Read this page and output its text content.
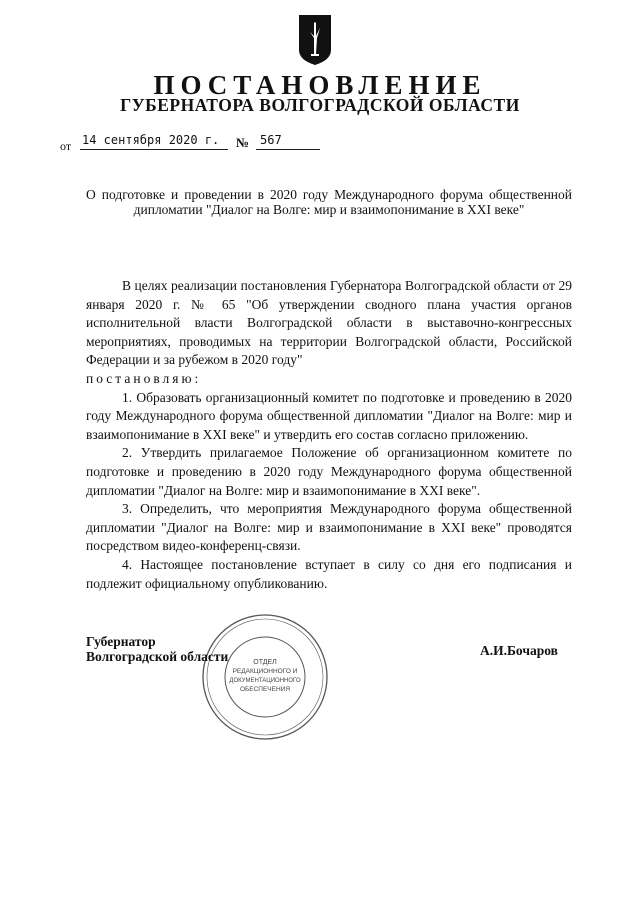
ПОСТАНОВЛЕНИЕ
ГУБЕРНАТОРА ВОЛГОГРАДСКОЙ ОБЛАСТИ
от 14 сентября 2020 г.	№ 567
О подготовке и проведении в 2020 году Международного форума общественной дипломатии "Диалог на Волге: мир и взаимопонимание в XXI веке"

В целях реализации постановления Губернатора Волгоградской области от 29 января 2020 г. № 65 "Об утверждении сводного плана участия органов исполнительной власти Волгоградской области в выставочно-конгрессных мероприятиях, проводимых на территории Волгоградской области, Российской Федерации и за рубежом в 2020 году"

постановляю:

1. Образовать организационный комитет по подготовке и проведению в 2020 году Международного форума общественной дипломатии "Диалог на Волге: мир и взаимопонимание в XXI веке" и утвердить его состав согласно приложению.

2. Утвердить прилагаемое Положение об организационном комитете по подготовке и проведению в 2020 году Международного форума общественной дипломатии "Диалог на Волге: мир и взаимопонимание в XXI веке".

3. Определить, что мероприятия Международного форума общественной дипломатии "Диалог на Волге: мир и взаимопонимание в XXI веке" проводятся посредством видео-конференц-связи.

4. Настоящее постановление вступает в силу со дня его подписания и подлежит официальному опубликованию.

ОТДЕЛ
РЕДАКЦИОННОГО И
ДОКУМЕНТАЦИОННОГО
ОБЕСПЕЧЕНИЯ
Губернатор
Волгоградской области	А.И.Бочаров
